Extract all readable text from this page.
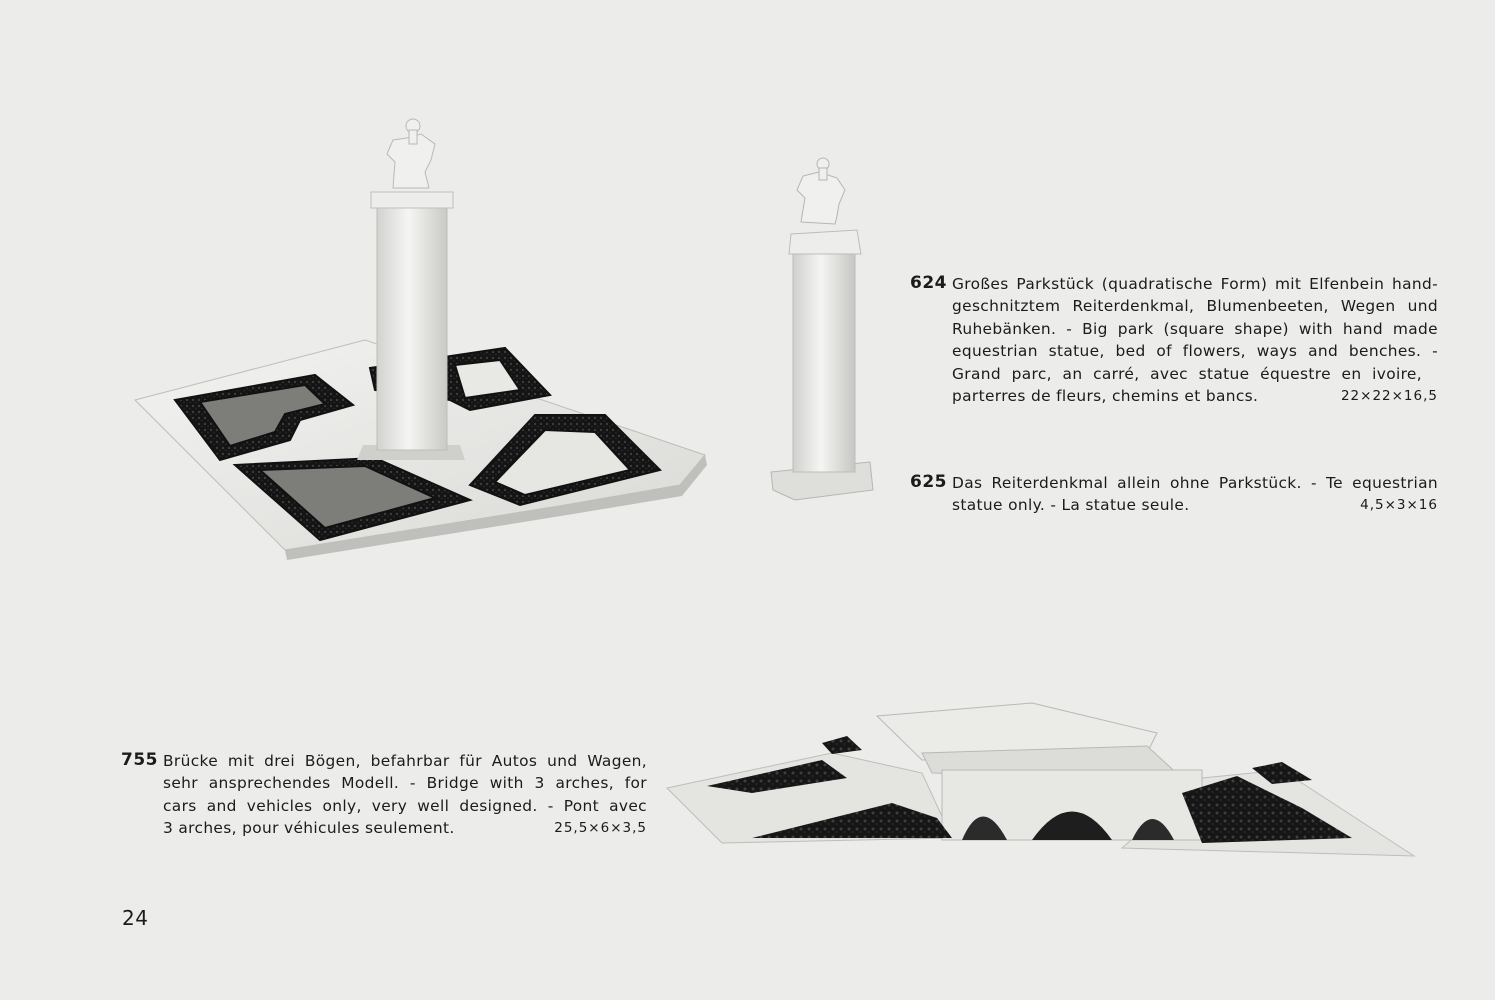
624 Großes Parkstück (quadratische Form) mit Elfenbein hand-
geschnitztem Reiterdenkmal, Blumenbeeten, Wegen und
Ruhebänken. - Big park (square shape) with hand made
equestrian statue, bed of flowers, ways and benches. -
Grand parc, an carré, avec statue équestre en ivoire,
parterres de fleurs, chemins et bancs.	22×22×16,5
625 Das Reiterdenkmal allein ohne Parkstück. - Te equestrian
statue only. - La statue seule.	4,5×3×16
755 Brücke mit drei Bögen, befahrbar für Autos und Wagen,
sehr ansprechendes Modell. - Bridge with 3 arches, for
cars and vehicles only, very well designed. - Pont avec
3 arches, pour véhicules seulement.	25,5×6×3,5
24
